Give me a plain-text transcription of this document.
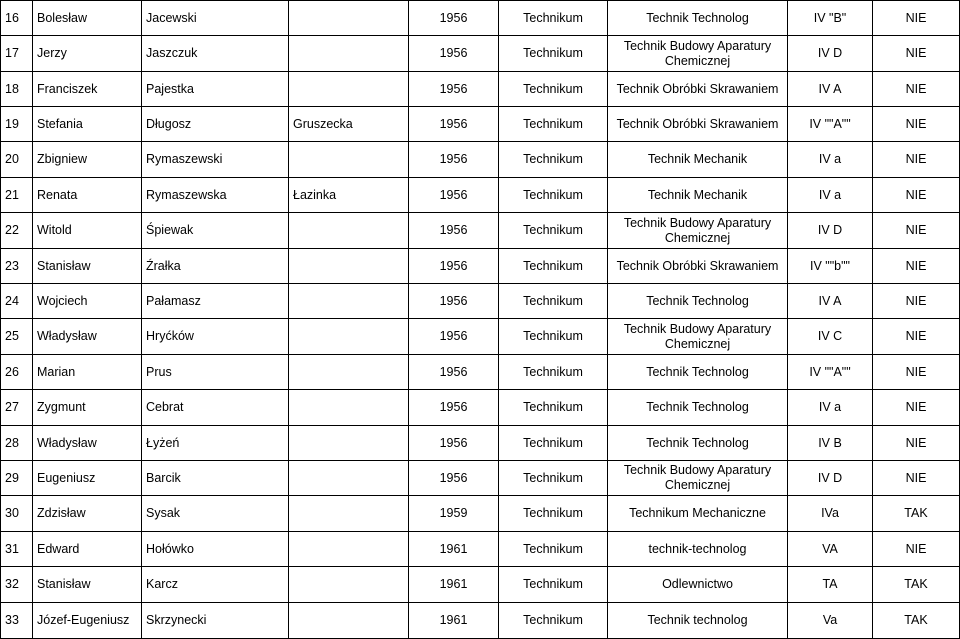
16	Bolesław	Jacewski		1956	Technikum	Technik Technolog	IV "B"	NIE
17	Jerzy	Jaszczuk		1956	Technikum	Technik Budowy Aparatury Chemicznej	IV D	NIE
18	Franciszek	Pajestka		1956	Technikum	Technik Obróbki Skrawaniem	IV A	NIE
19	Stefania	Długosz	Gruszecka	1956	Technikum	Technik Obróbki Skrawaniem	IV ""A""	NIE
20	Zbigniew	Rymaszewski		1956	Technikum	Technik Mechanik	IV a	NIE
21	Renata	Rymaszewska	Łazinka	1956	Technikum	Technik Mechanik	IV a	NIE
22	Witold	Śpiewak		1956	Technikum	Technik Budowy Aparatury Chemicznej	IV D	NIE
23	Stanisław	Źrałka		1956	Technikum	Technik Obróbki Skrawaniem	IV ""b""	NIE
24	Wojciech	Pałamasz		1956	Technikum	Technik Technolog	IV A	NIE
25	Władysław	Hryćków		1956	Technikum	Technik Budowy Aparatury Chemicznej	IV C	NIE
26	Marian	Prus		1956	Technikum	Technik Technolog	IV ""A""	NIE
27	Zygmunt	Cebrat		1956	Technikum	Technik Technolog	IV a	NIE
28	Władysław	Łyżeń		1956	Technikum	Technik Technolog	IV B	NIE
29	Eugeniusz	Barcik		1956	Technikum	Technik Budowy Aparatury Chemicznej	IV D	NIE
30	Zdzisław	Sysak		1959	Technikum	Technikum Mechaniczne	IVa	TAK
31	Edward	Hołówko		1961	Technikum	technik-technolog	VA	NIE
32	Stanisław	Karcz		1961	Technikum	Odlewnictwo	TA	TAK
33	Józef-Eugeniusz	Skrzynecki		1961	Technikum	Technik technolog	Va	TAK
